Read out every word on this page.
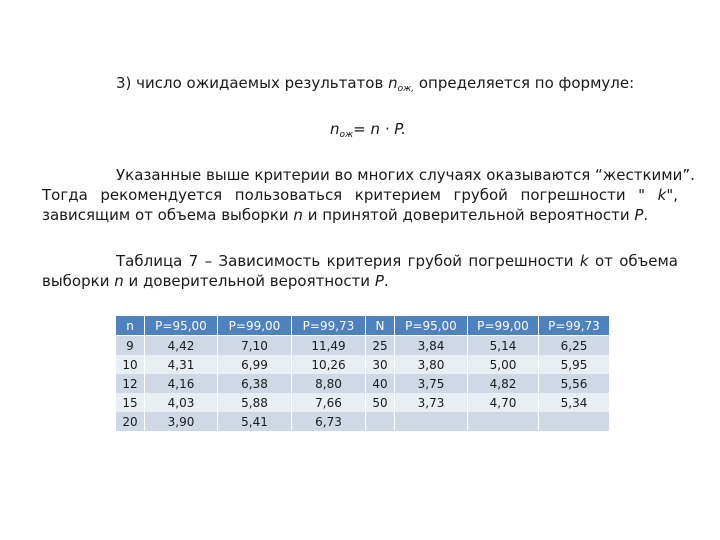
3) число ожидаемых результатов $n_{ож,}$ определяется по формуле:
$n_{ож}= n \cdot P$.
Указанные выше критерии во многих случаях оказываются “жесткими”.
Тогда рекомендуется пользоваться критерием грубой погрешности " k",
зависящим от объема выборки n и принятой доверительной вероятности P.
Таблица 7 – Зависимость критерия грубой погрешности k от объема
выборки n и доверительной вероятности P.
n	P=95,00	P=99,00	P=99,73	N	P=95,00	P=99,00	P=99,73
9	4,42	7,10	11,49	25	3,84	5,14	6,25
10	4,31	6,99	10,26	30	3,80	5,00	5,95
12	4,16	6,38	8,80	40	3,75	4,82	5,56
15	4,03	5,88	7,66	50	3,73	4,70	5,34
20	3,90	5,41	6,73				
